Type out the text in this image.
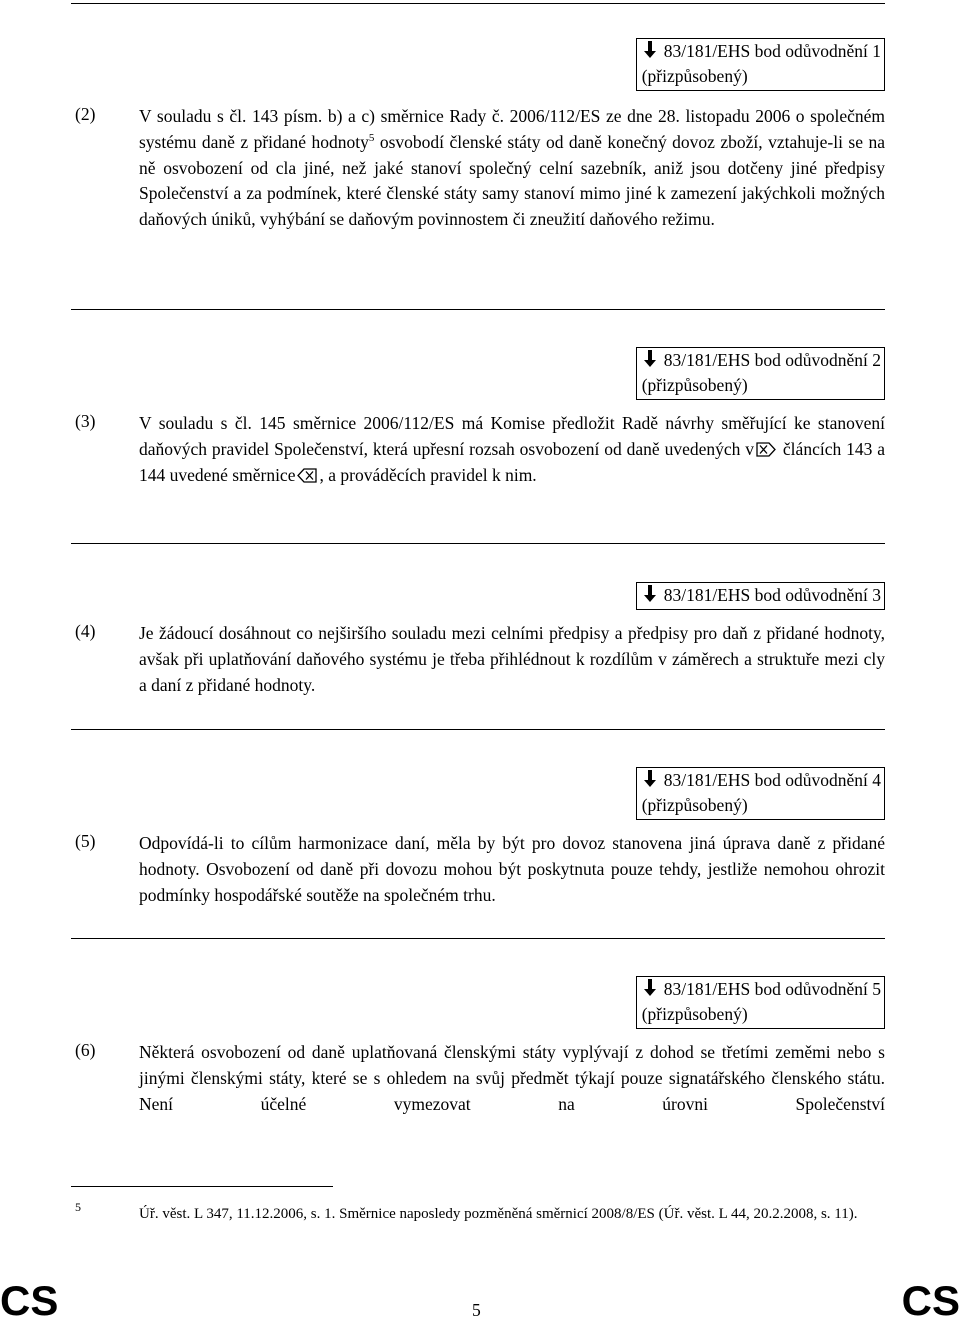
83/181/EHS bod odůvodnění 1
(přizpůsobený)
(2)	V souladu s čl. 143 písm. b) a c) směrnice Rady č. 2006/112/ES ze dne 28. listopadu 2006 o společném systému daně z přidané hodnoty$^5$ osvobodí členské státy od daně konečný dovoz zboží, vztahuje-li se na ně osvobození od cla jiné, než jaké stanoví společný celní sazebník, aniž jsou dotčeny jiné předpisy Společenství a za podmínek, které členské státy samy stanoví mimo jiné k zamezení jakýchkoli možných daňových úniků, vyhýbání se daňovým povinnostem či zneužití daňového režimu.
83/181/EHS bod odůvodnění 2
(přizpůsobený)
(3)	V souladu s čl. 145 směrnice 2006/112/ES má Komise předložit Radě návrhy směřující ke stanovení daňových pravidel Společenství, která upřesní rozsah osvobození od daně uvedených v článcích 143 a 144 uvedené směrnice , a prováděcích pravidel k nim.
83/181/EHS bod odůvodnění 3
(4)	Je žádoucí dosáhnout co nejširšího souladu mezi celními předpisy a předpisy pro daň z přidané hodnoty, avšak při uplatňování daňového systému je třeba přihlédnout k rozdílům v záměrech a struktuře mezi cly a daní z přidané hodnoty.
83/181/EHS bod odůvodnění 4
(přizpůsobený)
(5)	Odpovídá-li to cílům harmonizace daní, měla by být pro dovoz stanovena jiná úprava daně z přidané hodnoty. Osvobození od daně při dovozu mohou být poskytnuta pouze tehdy, jestliže nemohou ohrozit podmínky hospodářské soutěže na společném trhu.
83/181/EHS bod odůvodnění 5
(přizpůsobený)
(6)	Některá osvobození od daně uplatňovaná členskými státy vyplývají z dohod se třetími zeměmi nebo s jinými členskými státy, které se s ohledem na svůj předmět týkají pouze signatářského členského státu. Není účelné vymezovat na úrovni Společenství
5	Úř. věst. L 347, 11.12.2006, s. 1. Směrnice naposledy pozměněná směrnicí 2008/8/ES (Úř. věst. L 44, 20.2.2008, s. 11).
CS	5	CS
